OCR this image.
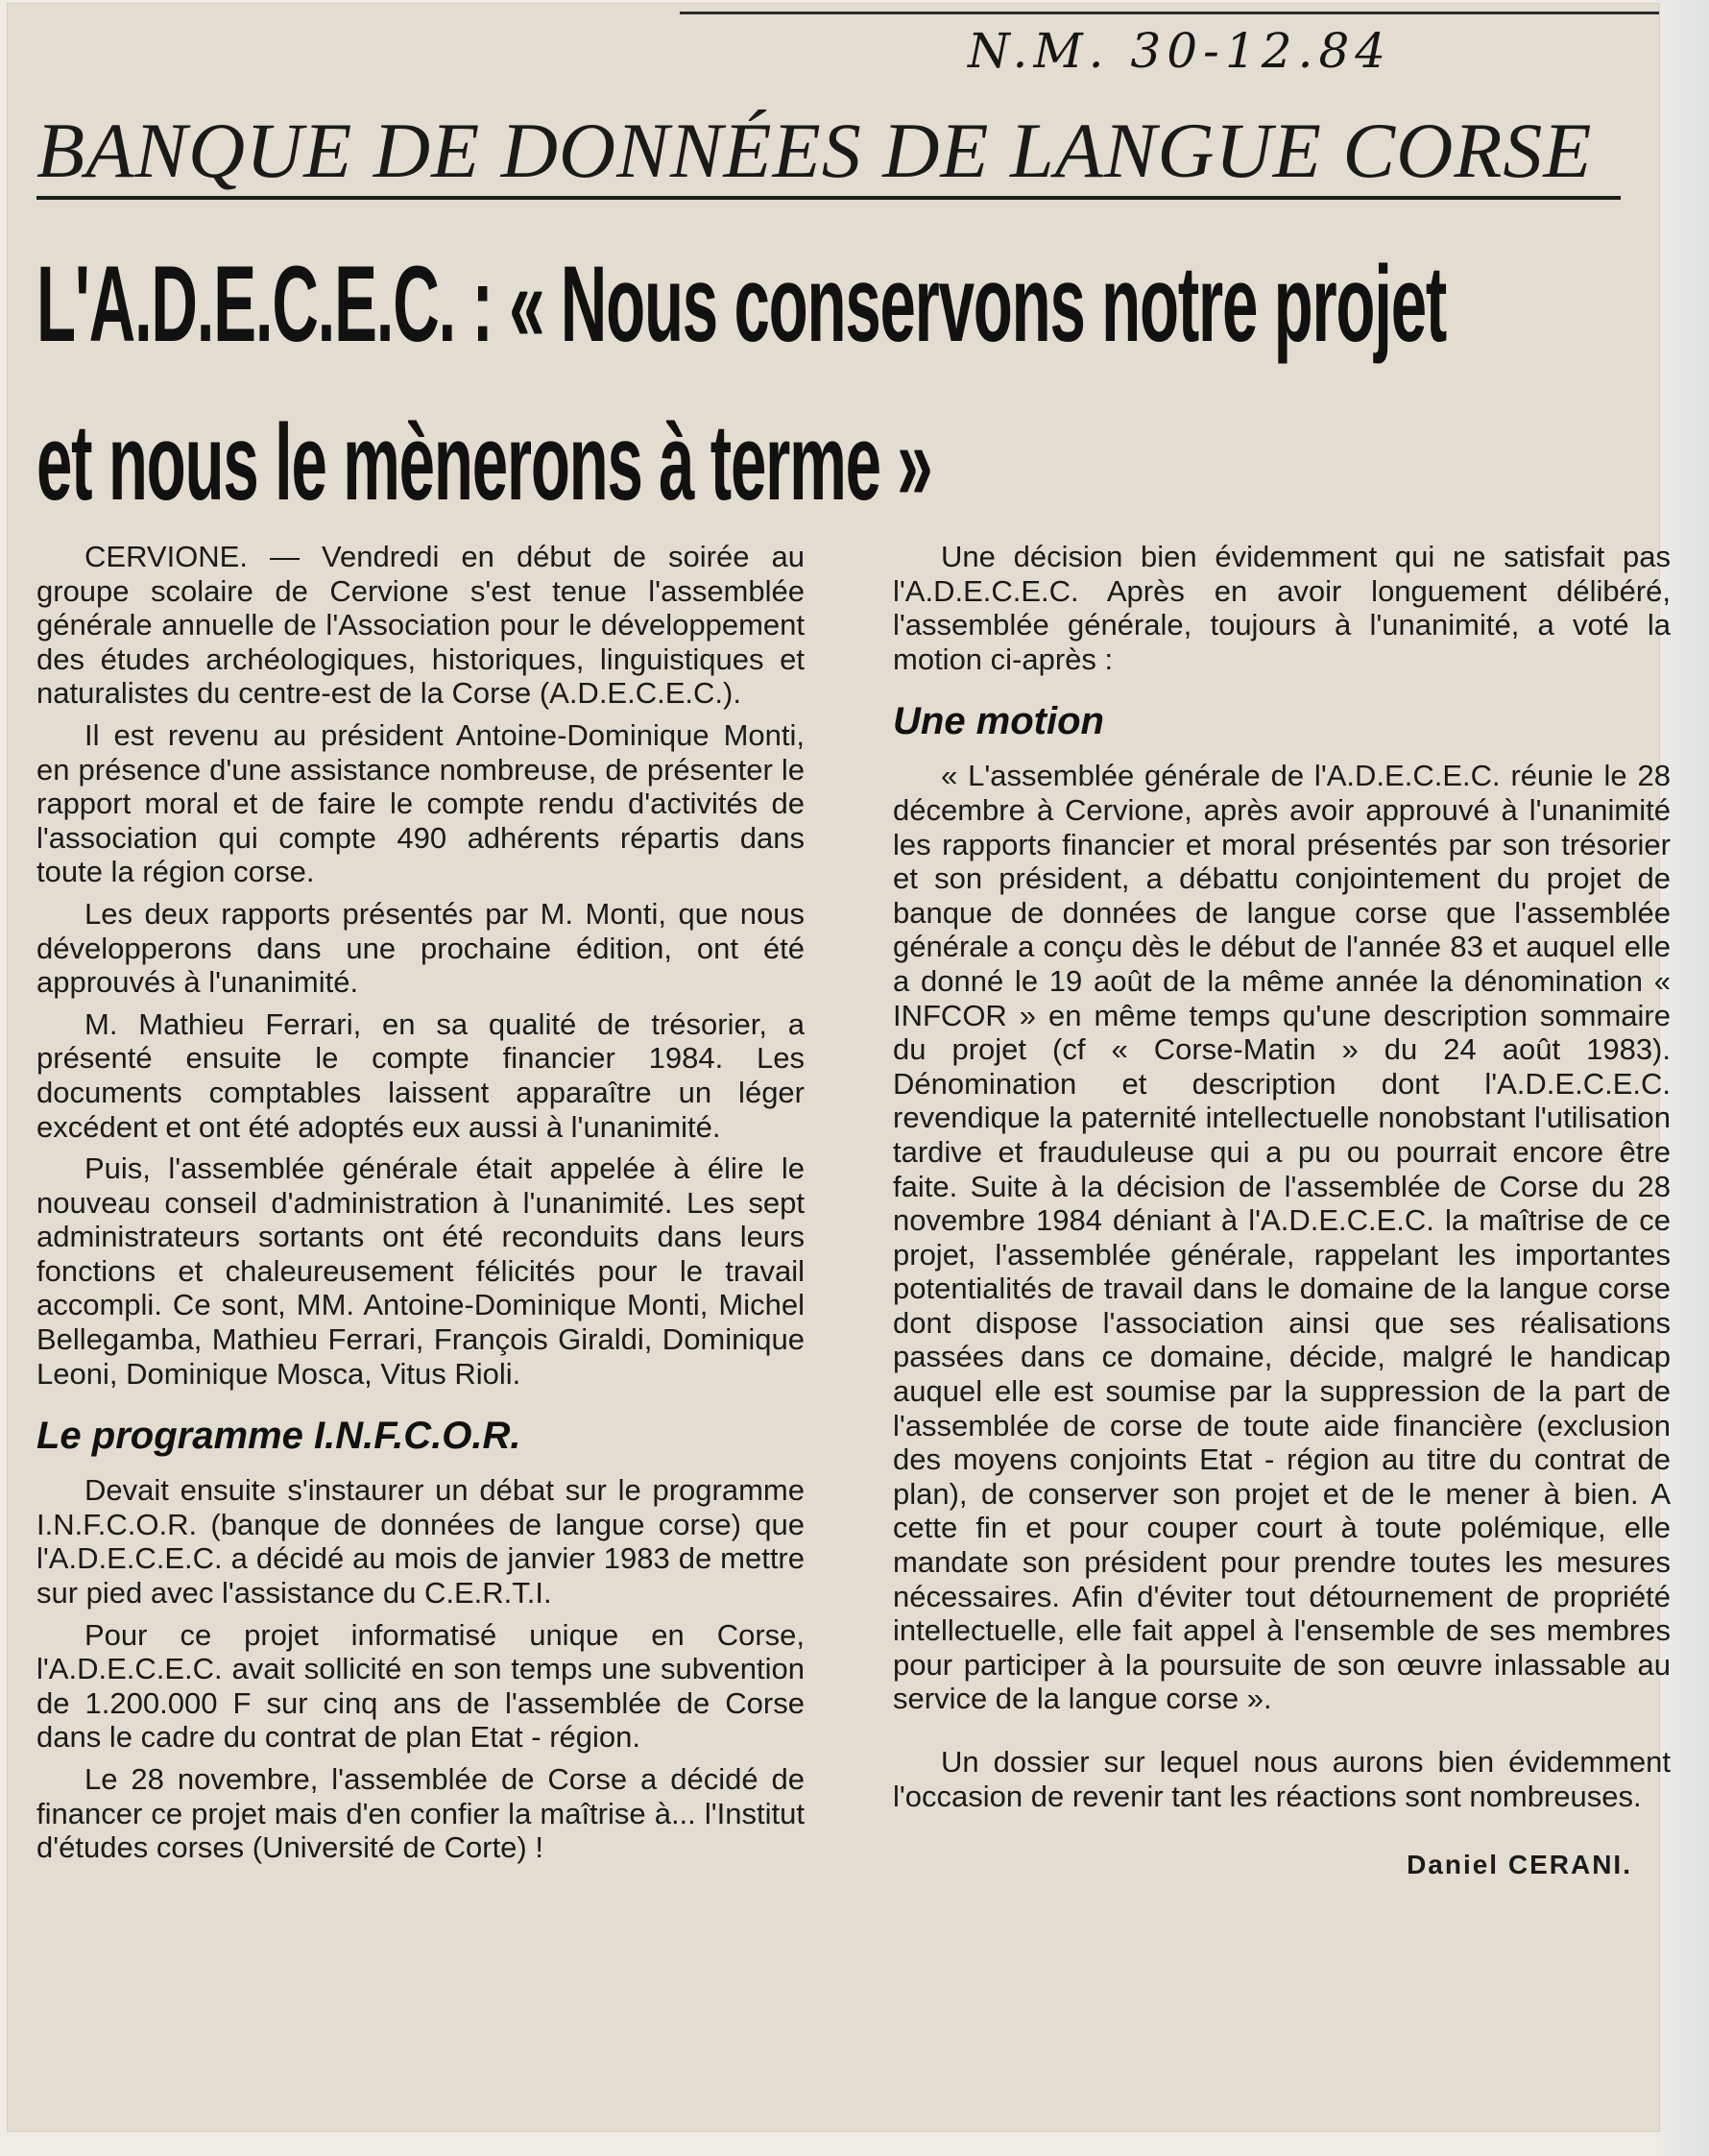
N.M. 30-12.84
BANQUE DE DONNÉES DE LANGUE CORSE
L'A.D.E.C.E.C. : « Nous conservons notre projet
et nous le mènerons à terme »

CERVIONE. — Vendredi en début de soirée au groupe scolaire de Cervione s'est tenue l'assemblée générale annuelle de l'Association pour le développement des études archéologiques, historiques, linguistiques et naturalistes du centre-est de la Corse (A.D.E.C.E.C.).

Il est revenu au président Antoine-Dominique Monti, en présence d'une assistance nombreuse, de présenter le rapport moral et de faire le compte rendu d'activités de l'association qui compte 490 adhérents répartis dans toute la région corse.

Les deux rapports présentés par M. Monti, que nous développerons dans une prochaine édition, ont été approuvés à l'unanimité.

M. Mathieu Ferrari, en sa qualité de trésorier, a présenté ensuite le compte financier 1984. Les documents comptables laissent apparaître un léger excédent et ont été adoptés eux aussi à l'unanimité.

Puis, l'assemblée générale était appelée à élire le nouveau conseil d'administration à l'unanimité. Les sept administrateurs sortants ont été reconduits dans leurs fonctions et chaleureusement félicités pour le travail accompli. Ce sont, MM. Antoine-Dominique Monti, Michel Bellegamba, Mathieu Ferrari, François Giraldi, Dominique Leoni, Dominique Mosca, Vitus Rioli.

Le programme I.N.F.C.O.R.

Devait ensuite s'instaurer un débat sur le programme I.N.F.C.O.R. (banque de données de langue corse) que l'A.D.E.C.E.C. a décidé au mois de janvier 1983 de mettre sur pied avec l'assistance du C.E.R.T.I.

Pour ce projet informatisé unique en Corse, l'A.D.E.C.E.C. avait sollicité en son temps une subvention de 1.200.000 F sur cinq ans de l'assemblée de Corse dans le cadre du contrat de plan Etat - région.

Le 28 novembre, l'assemblée de Corse a décidé de financer ce projet mais d'en confier la maîtrise à... l'Institut d'études corses (Université de Corte) !

Une décision bien évidemment qui ne satisfait pas l'A.D.E.C.E.C. Après en avoir longuement délibéré, l'assemblée générale, toujours à l'unanimité, a voté la motion ci-après :

Une motion

« L'assemblée générale de l'A.D.E.C.E.C. réunie le 28 décembre à Cervione, après avoir approuvé à l'unanimité les rapports financier et moral présentés par son trésorier et son président, a débattu conjointement du projet de banque de données de langue corse que l'assemblée générale a conçu dès le début de l'année 83 et auquel elle a donné le 19 août de la même année la dénomination « INFCOR » en même temps qu'une description sommaire du projet (cf « Corse-Matin » du 24 août 1983). Dénomination et description dont l'A.D.E.C.E.C. revendique la paternité intellectuelle nonobstant l'utilisation tardive et frauduleuse qui a pu ou pourrait encore être faite. Suite à la décision de l'assemblée de Corse du 28 novembre 1984 déniant à l'A.D.E.C.E.C. la maîtrise de ce projet, l'assemblée générale, rappelant les importantes potentialités de travail dans le domaine de la langue corse dont dispose l'association ainsi que ses réalisations passées dans ce domaine, décide, malgré le handicap auquel elle est soumise par la suppression de la part de l'assemblée de corse de toute aide financière (exclusion des moyens conjoints Etat - région au titre du contrat de plan), de conserver son projet et de le mener à bien. A cette fin et pour couper court à toute polémique, elle mandate son président pour prendre toutes les mesures nécessaires. Afin d'éviter tout détournement de propriété intellectuelle, elle fait appel à l'ensemble de ses membres pour participer à la poursuite de son œuvre inlassable au service de la langue corse ».

Un dossier sur lequel nous aurons bien évidemment l'occasion de revenir tant les réactions sont nombreuses.

Daniel CERANI.
